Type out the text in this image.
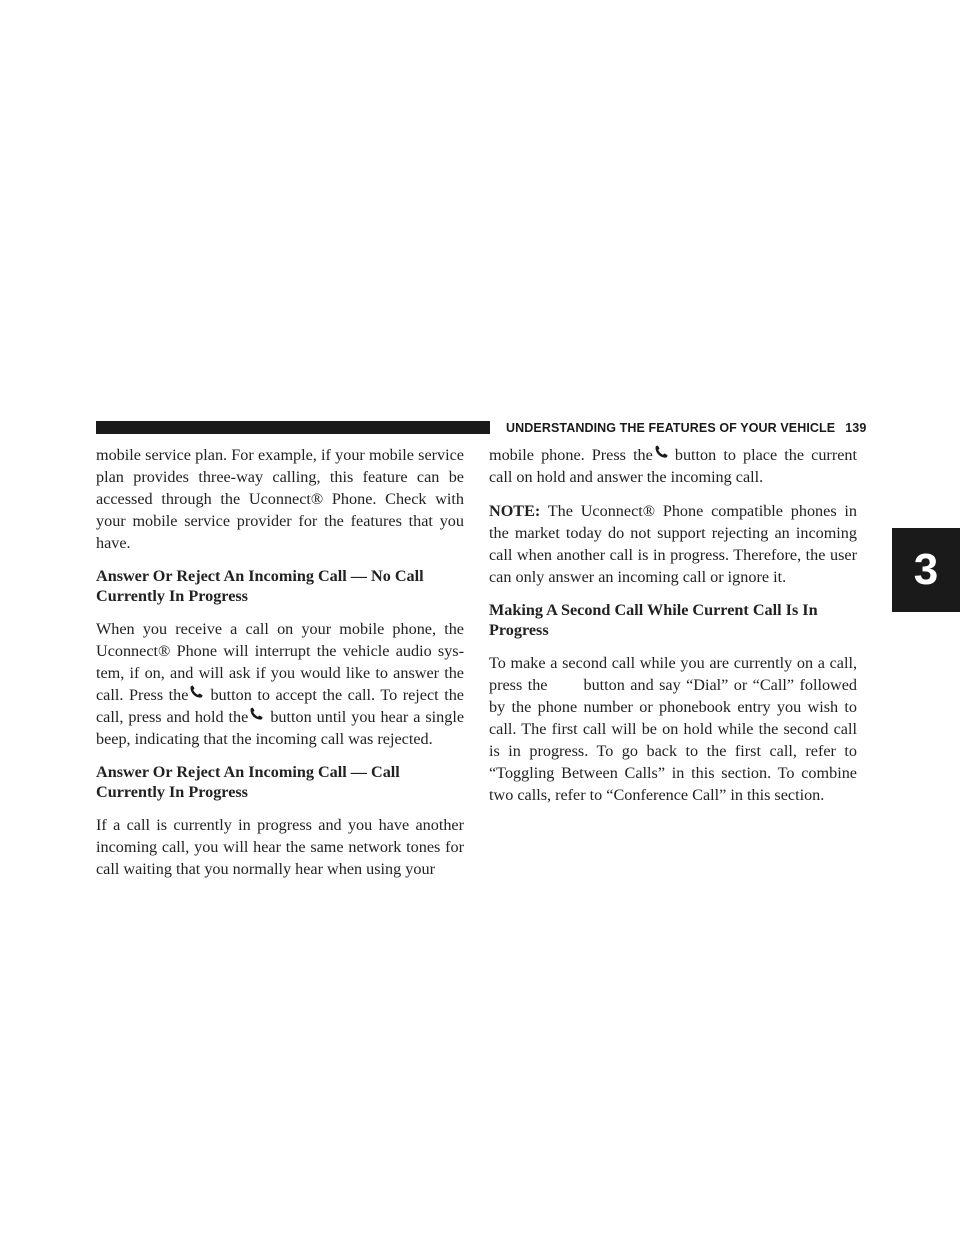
UNDERSTANDING THE FEATURES OF YOUR VEHICLE 139
3

mobile service plan. For example, if your mobile service plan provides three-way calling, this feature can be accessed through the Uconnect® Phone. Check with your mobile service provider for the features that you have.

Answer Or Reject An Incoming Call — No Call Currently In Progress

When you receive a call on your mobile phone, the Uconnect® Phone will interrupt the vehicle audio sys-tem, if on, and will ask if you would like to answer the call. Press the button to accept the call. To reject the call, press and hold the button until you hear a single beep, indicating that the incoming call was rejected.

Answer Or Reject An Incoming Call — Call Currently In Progress

If a call is currently in progress and you have another incoming call, you will hear the same network tones for call waiting that you normally hear when using your

mobile phone. Press the button to place the current call on hold and answer the incoming call.

NOTE: The Uconnect® Phone compatible phones in the market today do not support rejecting an incoming call when another call is in progress. Therefore, the user can only answer an incoming call or ignore it.

Making A Second Call While Current Call Is In Progress

To make a second call while you are currently on a call, press the button and say “Dial” or “Call” followed by the phone number or phonebook entry you wish to call. The first call will be on hold while the second call is in progress. To go back to the first call, refer to “Toggling Between Calls” in this section. To combine two calls, refer to “Conference Call” in this section.
